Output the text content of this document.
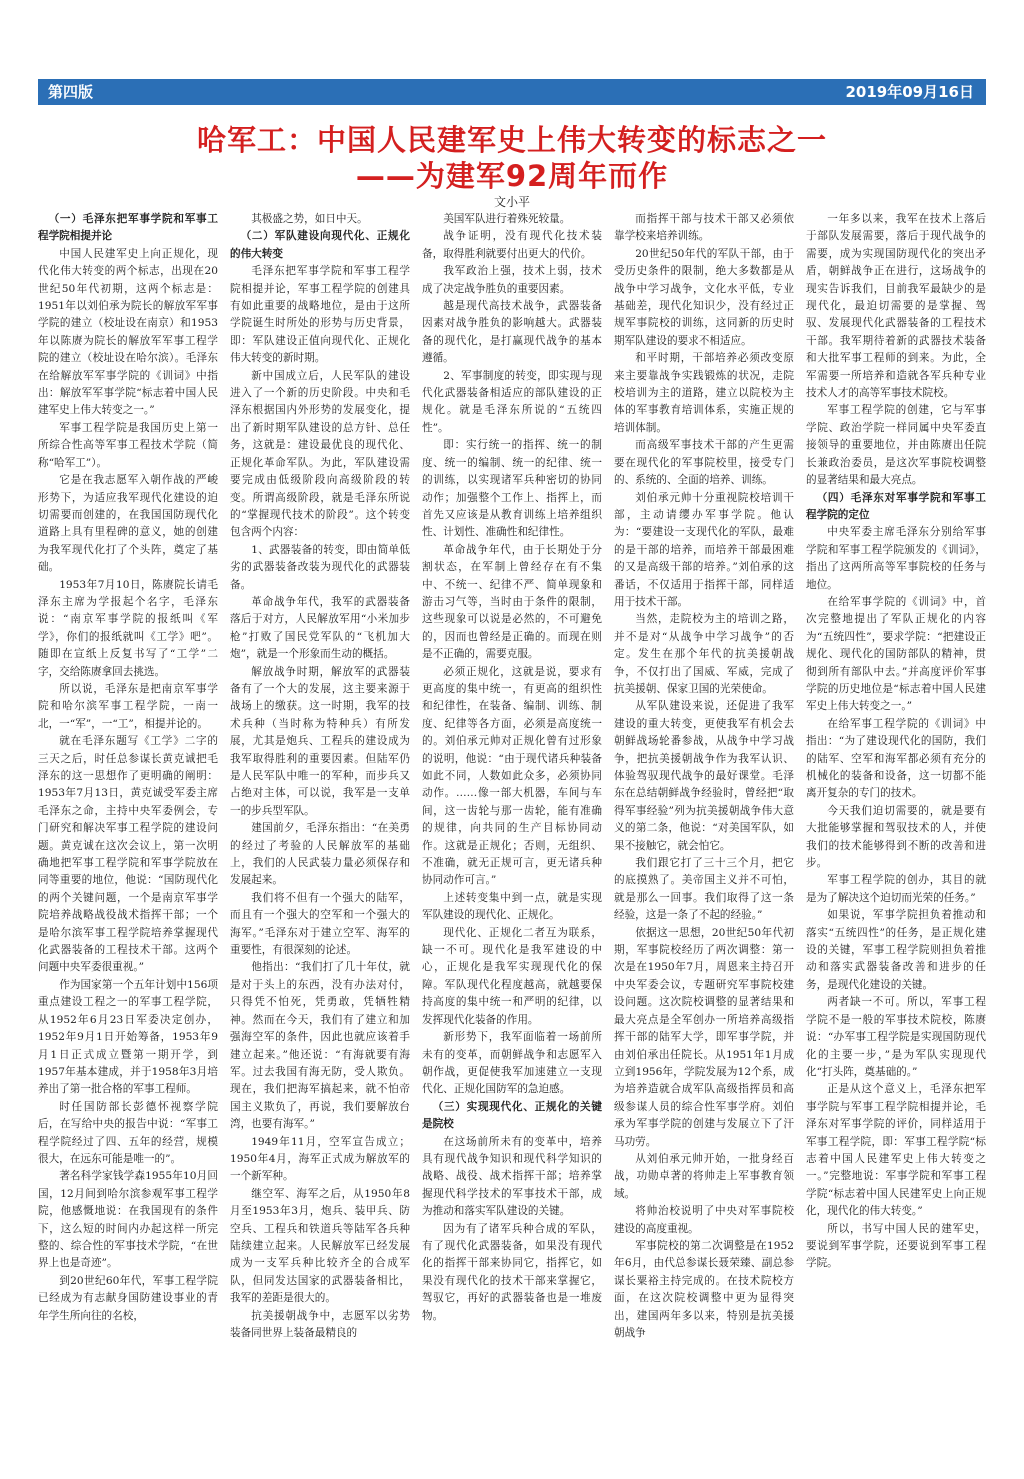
第四版	2019年09月16日
哈军工：中国人民建军史上伟大转变的标志之一
——为建军92周年而作
文小平
（一）毛泽东把军事学院和军事工程学院相提并论

中国人民建军史上向正规化，现代化伟大转变的两个标志，出现在20世纪50年代初期，这两个标志是：1951年以刘伯承为院长的解放军军事学院的建立（校址设在南京）和1953年以陈赓为院长的解放军军事工程学院的建立（校址设在哈尔滨）。毛泽东在给解放军军事学院的《训词》中指出：解放军军事学院“标志着中国人民建军史上伟大转变之一。”

军事工程学院是我国历史上第一所综合性高等军事工程技术学院（简称“哈军工”）。

它是在我志愿军入朝作战的严峻形势下，为适应我军现代化建设的迫切需要而创建的，在我国国防现代化道路上具有里程碑的意义，她的创建为我军现代化打了个头阵，奠定了基础。

1953年7月10日，陈赓院长请毛泽东主席为学报起个名字，毛泽东说：“南京军事学院的报纸叫《军学》，你们的报纸就叫《工学》吧”。随即在宣纸上反复书写了“工学”二字，交给陈赓拿回去挑选。

所以说，毛泽东是把南京军事学院和哈尔滨军事工程学院，一南一北，一“军”，一“工”，相提并论的。

就在毛泽东题写《工学》二字的三天之后，时任总参谋长黄克诚把毛泽东的这一思想作了更明确的阐明：1953年7月13日，黄克诚受军委主席毛泽东之命，主持中央军委例会，专门研究和解决军事工程学院的建设问题。黄克诚在这次会议上，第一次明确地把军事工程学院和军事学院放在同等重要的地位，他说：“国防现代化的两个关键问题，一个是南京军事学院培养战略战役战术指挥干部；一个是哈尔滨军事工程学院培养掌握现代化武器装备的工程技术干部。这两个问题中央军委很重视。”

作为国家第一个五年计划中156项重点建设工程之一的军事工程学院，从1952年6月23日军委决定创办，1952年9月1日开始筹备，1953年9月1日正式成立暨第一期开学，到1957年基本建成，并于1958年3月培养出了第一批合格的军事工程师。

时任国防部长彭德怀视察学院后，在写给中央的报告中说：“军事工程学院经过了四、五年的经营，规模很大，在远东可能是唯一的”。

著名科学家钱学森1955年10月回国，12月间到哈尔滨参观军事工程学院，他感慨地说：在我国现有的条件下，这么短的时间内办起这样一所完整的、综合性的军事技术学院，“在世界上也是奇迹”。

到20世纪60年代，军事工程学院已经成为有志献身国防建设事业的青年学生所向往的名校，

其极盛之势，如日中天。

（二）军队建设向现代化、正规化的伟大转变

毛泽东把军事学院和军事工程学院相提并论，军事工程学院的创建具有如此重要的战略地位，是由于这所学院诞生时所处的形势与历史背景，即：军队建设正值向现代化、正规化伟大转变的新时期。

新中国成立后，人民军队的建设进入了一个新的历史阶段。中央和毛泽东根据国内外形势的发展变化，提出了新时期军队建设的总方针、总任务，这就是：建设最优良的现代化、正规化革命军队。为此，军队建设需要完成由低级阶段向高级阶段的转变。所谓高级阶段，就是毛泽东所说的“掌握现代技术的阶段”。这个转变包含两个内容：

1、武器装备的转变，即由简单低劣的武器装备改装为现代化的武器装备。

革命战争年代，我军的武器装备落后于对方，人民解放军用“小米加步枪”打败了国民党军队的“飞机加大炮”，就是一个形象而生动的概括。

解放战争时期，解放军的武器装备有了一个大的发展，这主要来源于战场上的缴获。这一时期，我军的技术兵种（当时称为特种兵）有所发展，尤其是炮兵、工程兵的建设成为我军取得胜利的重要因素。但陆军仍是人民军队中唯一的军种，而步兵又占绝对主体，可以说，我军是一支单一的步兵型军队。

建国前夕，毛泽东指出：“在美勇的经过了考验的人民解放军的基础上，我们的人民武装力量必须保存和发展起来。

我们将不但有一个强大的陆军，而且有一个强大的空军和一个强大的海军。”毛泽东对于建立空军、海军的重要性，有很深刻的论述。

他指出：“我们打了几十年仗，就是对于头上的东西，没有办法对付，只得凭不怕死，凭勇敢，凭牺牲精神。然而在今天，我们有了建立和加强海空军的条件，因此也就应该着手建立起来。”他还说：“有海就要有海军。过去我国有海无防，受人欺负。现在，我们把海军搞起来，就不怕帝国主义欺负了，再说，我们要解放台湾，也要有海军。”

1949年11月，空军宣告成立；1950年4月，海军正式成为解放军的一个新军种。

继空军、海军之后，从1950年8月至1953年3月，炮兵、装甲兵、防空兵、工程兵和铁道兵等陆军各兵种陆续建立起来。人民解放军已经发展成为一支军兵种比较齐全的合成军队，但同发达国家的武器装备相比，我军的差距是很大的。

抗美援朝战争中，志愿军以劣势装备同世界上装备最精良的

美国军队进行着殊死较量。

战争证明，没有现代化技术装备，取得胜利就要付出更大的代价。

我军政治上强，技术上弱，技术成了决定战争胜负的重要因素。

越是现代高技术战争，武器装备因素对战争胜负的影响越大。武器装备的现代化，是打赢现代战争的基本遵循。

2、军事制度的转变，即实现与现代化武器装备相适应的部队建设的正规化。就是毛泽东所说的“五统四性”。

即：实行统一的指挥、统一的制度、统一的编制、统一的纪律、统一的训练，以实现诸军兵种密切的协同动作；加强整个工作上、指挥上，而首先又应该是从教育训练上培养组织性、计划性、准确性和纪律性。

革命战争年代，由于长期处于分割状态，在军制上曾经存在有不集中、不统一、纪律不严、简单现象和游击习气等，当时由于条件的限制，这些现象可以说是必然的，不可避免的，因而也曾经是正确的。而现在则是不正确的，需要克服。

必须正规化，这就是说，要求有更高度的集中统一，有更高的组织性和纪律性，在装备、编制、训练、制度、纪律等各方面，必须是高度统一的。刘伯承元帅对正规化曾有过形象的说明，他说：“由于现代诸兵种装备如此不同，人数如此众多，必须协同动作。……像一部大机器，车间与车间，这一齿轮与那一齿轮，能有准确的规律，向共同的生产目标协同动作。这就是正规化；否则，无组织、不准确，就无正规可言，更无诸兵种协同动作可言。”

上述转变集中到一点，就是实现军队建设的现代化、正规化。

现代化、正规化二者互为联系，缺一不可。现代化是我军建设的中心，正规化是我军实现现代化的保障。军队现代化程度越高，就越要保持高度的集中统一和严明的纪律，以发挥现代化装备的作用。

新形势下，我军面临着一场前所未有的变革，而朝鲜战争和志愿军入朝作战，更促使我军加速建立一支现代化、正规化国防军的急迫感。

（三）实现现代化、正规化的关键是院校

在这场前所未有的变革中，培养具有现代战争知识和现代科学知识的战略、战役、战术指挥干部；培养掌握现代科学技术的军事技术干部，成为推动和落实军队建设的关键。

因为有了诸军兵种合成的军队，有了现代化武器装备，如果没有现代化的指挥干部来协同它，指挥它，如果没有现代化的技术干部来掌握它，驾驭它，再好的武器装备也是一堆废物。

而指挥干部与技术干部又必须依靠学校来培养训练。

20世纪50年代的军队干部，由于受历史条件的限制，绝大多数都是从战争中学习战争，文化水平低，专业基础差，现代化知识少，没有经过正规军事院校的训练，这同新的历史时期军队建设的要求不相适应。

和平时期，干部培养必须改变原来主要靠战争实践锻炼的状况，走院校培训为主的道路，建立以院校为主体的军事教育培训体系，实施正规的培训体制。

而高级军事技术干部的产生更需要在现代化的军事院校里，接受专门的、系统的、全面的培养、训练。

刘伯承元帅十分重视院校培训干部，主动请缨办军事学院。他认为：“要建设一支现代化的军队，最难的是干部的培养，而培养干部最困难的又是高级干部的培养。”刘伯承的这番话，不仅适用于指挥干部，同样适用于技术干部。

当然，走院校为主的培训之路，并不是对“从战争中学习战争”的否定。发生在那个年代的抗美援朝战争，不仅打出了国威、军威，完成了抗美援朝、保家卫国的光荣使命。

从军队建设来说，还促进了我军建设的重大转变，更使我军有机会去朝鲜战场轮番参战，从战争中学习战争，把抗美援朝战争作为我军认识、体验驾驭现代战争的最好课堂。毛泽东在总结朝鲜战争经验时，曾经把“取得军事经验”列为抗美援朝战争伟大意义的第二条，他说：“对美国军队，如果不接触它，就会怕它。

我们跟它打了三十三个月，把它的底摸熟了。美帝国主义并不可怕，就是那么一回事。我们取得了这一条经验，这是一条了不起的经验。”

依据这一思想，20世纪50年代初期，军事院校经历了两次调整：第一次是在1950年7月，周恩来主持召开中央军委会议，专题研究军事院校建设问题。这次院校调整的显著结果和最大亮点是全军创办一所培养高级指挥干部的陆军大学，即军事学院，并由刘伯承出任院长。从1951年1月成立到1956年，学院发展为12个系，成为培养造就合成军队高级指挥员和高级参谋人员的综合性军事学府。刘伯承为军事学院的创建与发展立下了汗马功劳。

从刘伯承元帅开始，一批身经百战，功勋卓著的将帅走上军事教育领域。

将帅治校说明了中央对军事院校建设的高度重视。

军事院校的第二次调整是在1952年6月，由代总参谋长聂荣臻、副总参谋长粟裕主持完成的。在技术院校方面，在这次院校调整中更为显得突出，建国两年多以来，特别是抗美援朝战争

一年多以来，我军在技术上落后于部队发展需要，落后于现代战争的需要，成为实现国防现代化的突出矛盾，朝鲜战争正在进行，这场战争的现实告诉我们，目前我军最缺少的是现代化，最迫切需要的是掌握、驾驭、发展现代化武器装备的工程技术干部。我军期待着新的武器技术装备和大批军事工程师的到来。为此，全军需要一所培养和造就各军兵种专业技术人才的高等军事技术院校。

军事工程学院的创建，它与军事学院、政治学院一样同属中央军委直接领导的重要地位，并由陈赓出任院长兼政治委员，是这次军事院校调整的显著结果和最大亮点。

（四）毛泽东对军事学院和军事工程学院的定位

中央军委主席毛泽东分别给军事学院和军事工程学院颁发的《训词》，指出了这两所高等军事院校的任务与地位。

在给军事学院的《训词》中，首次完整地提出了军队正规化的内容为“五统四性”，要求学院：“把建设正规化、现代化的国防部队的精神，贯彻到所有部队中去。”并高度评价军事学院的历史地位是“标志着中国人民建军史上伟大转变之一。”

在给军事工程学院的《训词》中指出：“为了建设现代化的国防，我们的陆军、空军和海军都必须有充分的机械化的装备和设备，这一切都不能离开复杂的专门的技术。

今天我们迫切需要的，就是要有大批能够掌握和驾驭技术的人，并使我们的技术能够得到不断的改善和进步。

军事工程学院的创办，其目的就是为了解决这个迫切而光荣的任务。”

如果说，军事学院担负着推动和落实“五统四性”的任务，是正规化建设的关键，军事工程学院则担负着推动和落实武器装备改善和进步的任务，是现代化建设的关键。

两者缺一不可。所以，军事工程学院不是一般的军事技术院校，陈赓说：“办军事工程学院是实现国防现代化的主要一步，”是为军队实现现代化“打头阵，奠基础的。”

正是从这个意义上，毛泽东把军事学院与军事工程学院相提并论，毛泽东对军事学院的评价，同样适用于军事工程学院，即：军事工程学院“标志着中国人民建军史上伟大转变之一。”完整地说：军事学院和军事工程学院“标志着中国人民建军史上向正规化，现代化的伟大转变。”

所以，书写中国人民的建军史，要说到军事学院，还要说到军事工程学院。
